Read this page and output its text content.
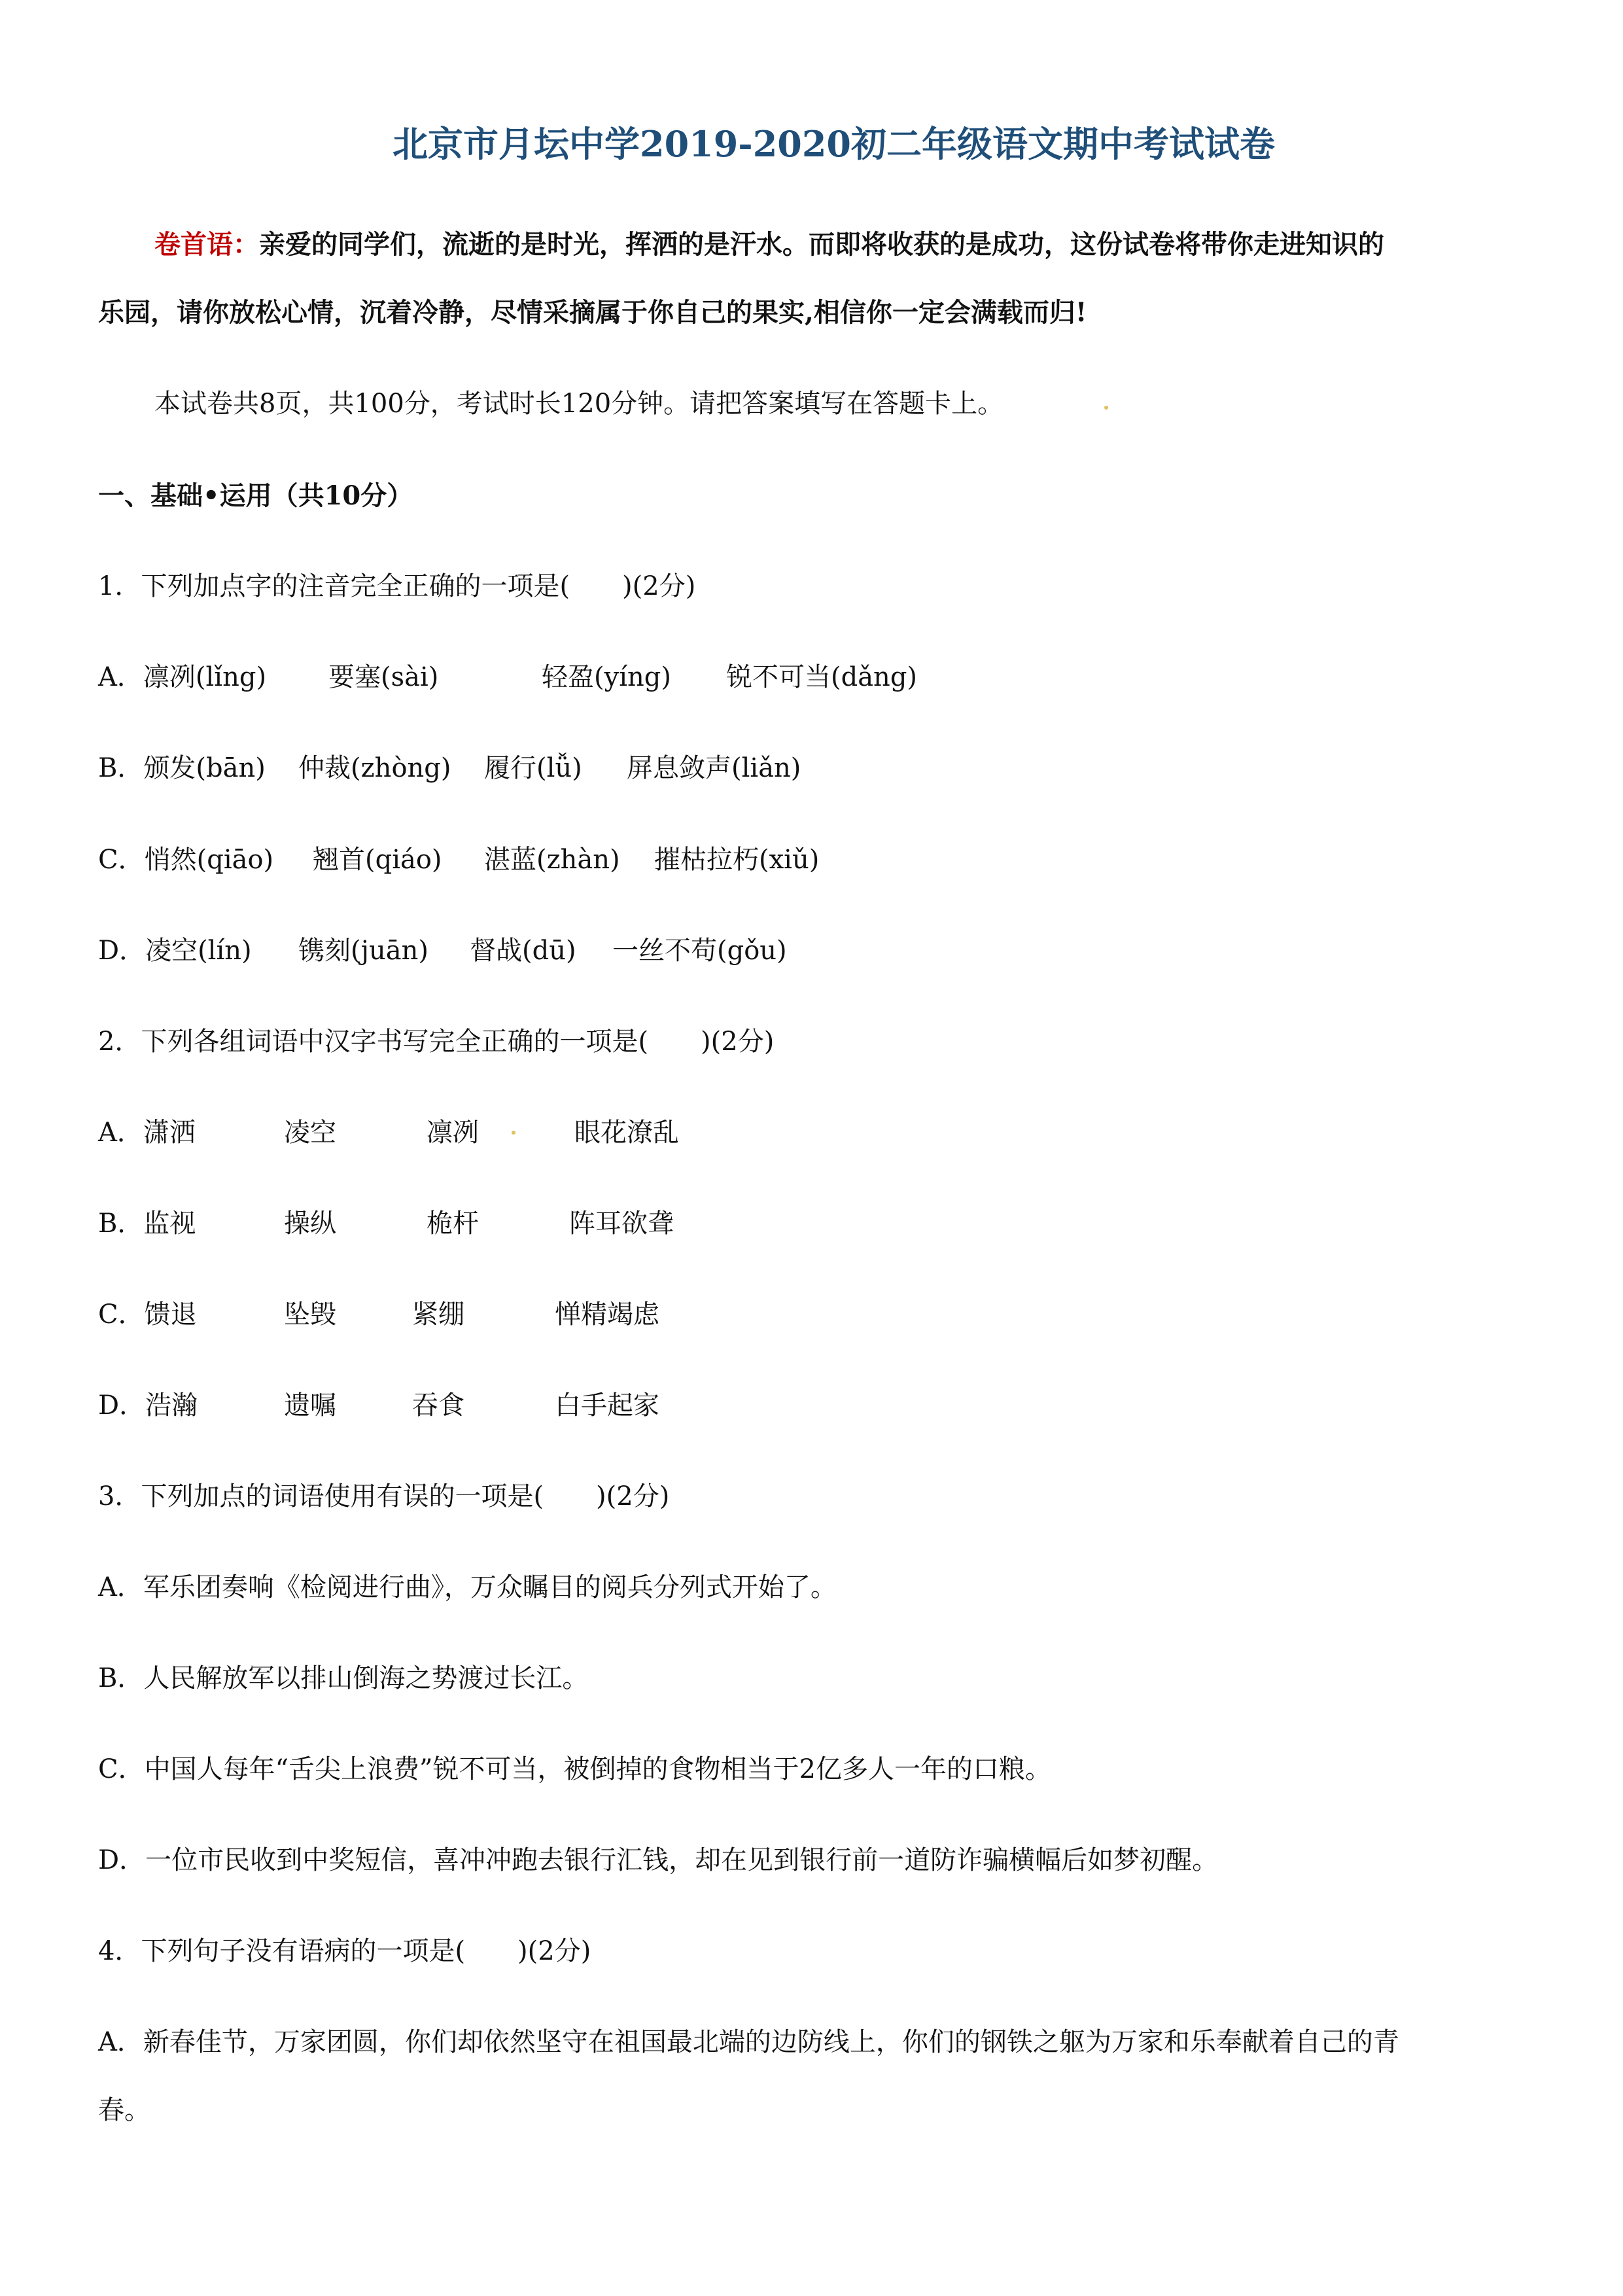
北京市月坛中学2019-2020初二年级语文期中考试试卷
卷首语：亲爱的同学们，流逝的是时光，挥洒的是汗水。而即将收获的是成功，这份试卷将带你走进知识的
乐园，请你放松心情，沉着冷静，尽情采摘属于你自己的果实,相信你一定会满载而归!
本试卷共8页，共100分，考试时长120分钟。请把答案填写在答题卡上。
一、基础•运用（共10分）
1．下列加点字的注音完全正确的一项是(　　)(2分)
A．凛冽(lǐng) 要塞(sài)	轻盈(yíng) 锐不可当(dǎng)
B．颁发(bān) 仲裁(zhòng) 履行(lǚ) 屏息敛声(liǎn)
C．悄然(qiāo) 翘首(qiáo) 湛蓝(zhàn) 摧枯拉朽(xiǔ)
D．凌空(lín) 镌刻(juān) 督战(dū) 一丝不苟(gǒu)
2．下列各组词语中汉字书写完全正确的一项是(　　)(2分)
A．潇洒	凌空	凛冽	眼花潦乱
B．监视	操纵	桅杆	阵耳欲聋
C．馈退	坠毁	紧绷	惮精竭虑
D．浩瀚	遗嘱	吞食	白手起家
3．下列加点的词语使用有误的一项是(　　)(2分)
A．军乐团奏响《检阅进行曲》，万众瞩目的阅兵分列式开始了。
B．人民解放军以排山倒海之势渡过长江。
C．中国人每年“舌尖上浪费”锐不可当，被倒掉的食物相当于2亿多人一年的口粮。
D．一位市民收到中奖短信，喜冲冲跑去银行汇钱，却在见到银行前一道防诈骗横幅后如梦初醒。
4．下列句子没有语病的一项是(　　)(2分)
A．新春佳节，万家团圆，你们却依然坚守在祖国最北端的边防线上，你们的钢铁之躯为万家和乐奉献着自己的青
春。
